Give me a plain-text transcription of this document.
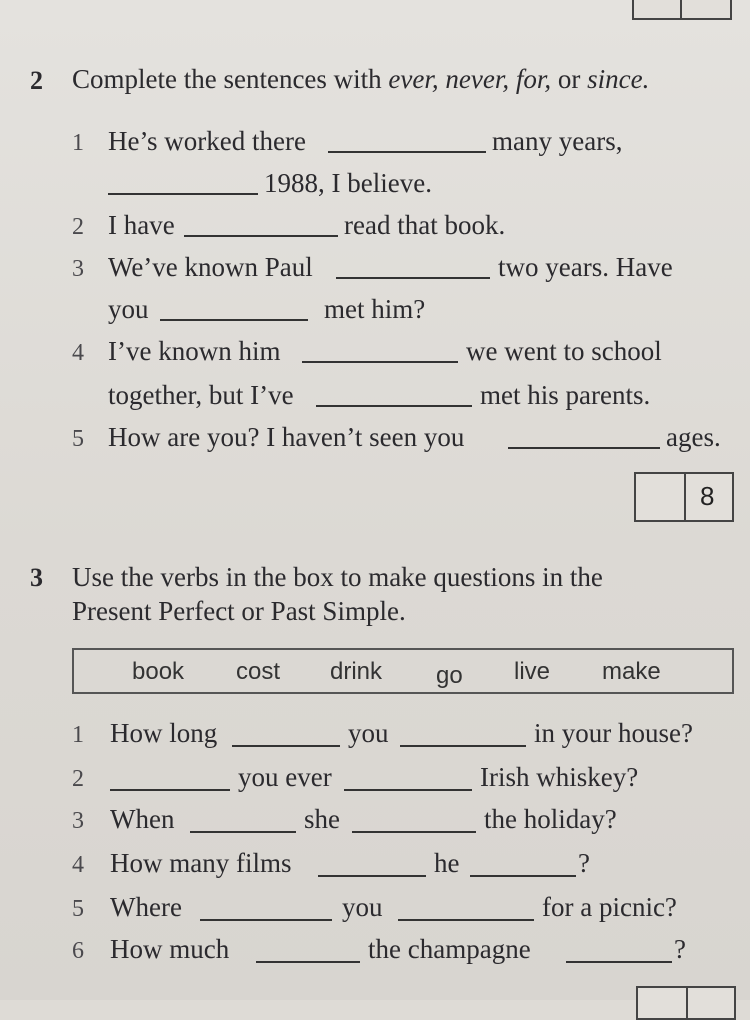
2 Complete the sentences with ever, never, for, or since.
1 He’s worked there	many years,
1988, I believe.
2 I have	read that book.
3 We’ve known Paul	two years. Have
you	met him?
4 I’ve known him	we went to school
together, but I’ve	met his parents.
5 How are you? I haven’t seen you	ages.
8
3 Use the verbs in the box to make questions in the
Present Perfect or Past Simple.
book cost drink go live make
1 How long	you	in your house?
2	you ever	Irish whiskey?
3 When	she	the holiday?
4 How many films	he	?
5 Where	you	for a picnic?
6 How much	the champagne	?
